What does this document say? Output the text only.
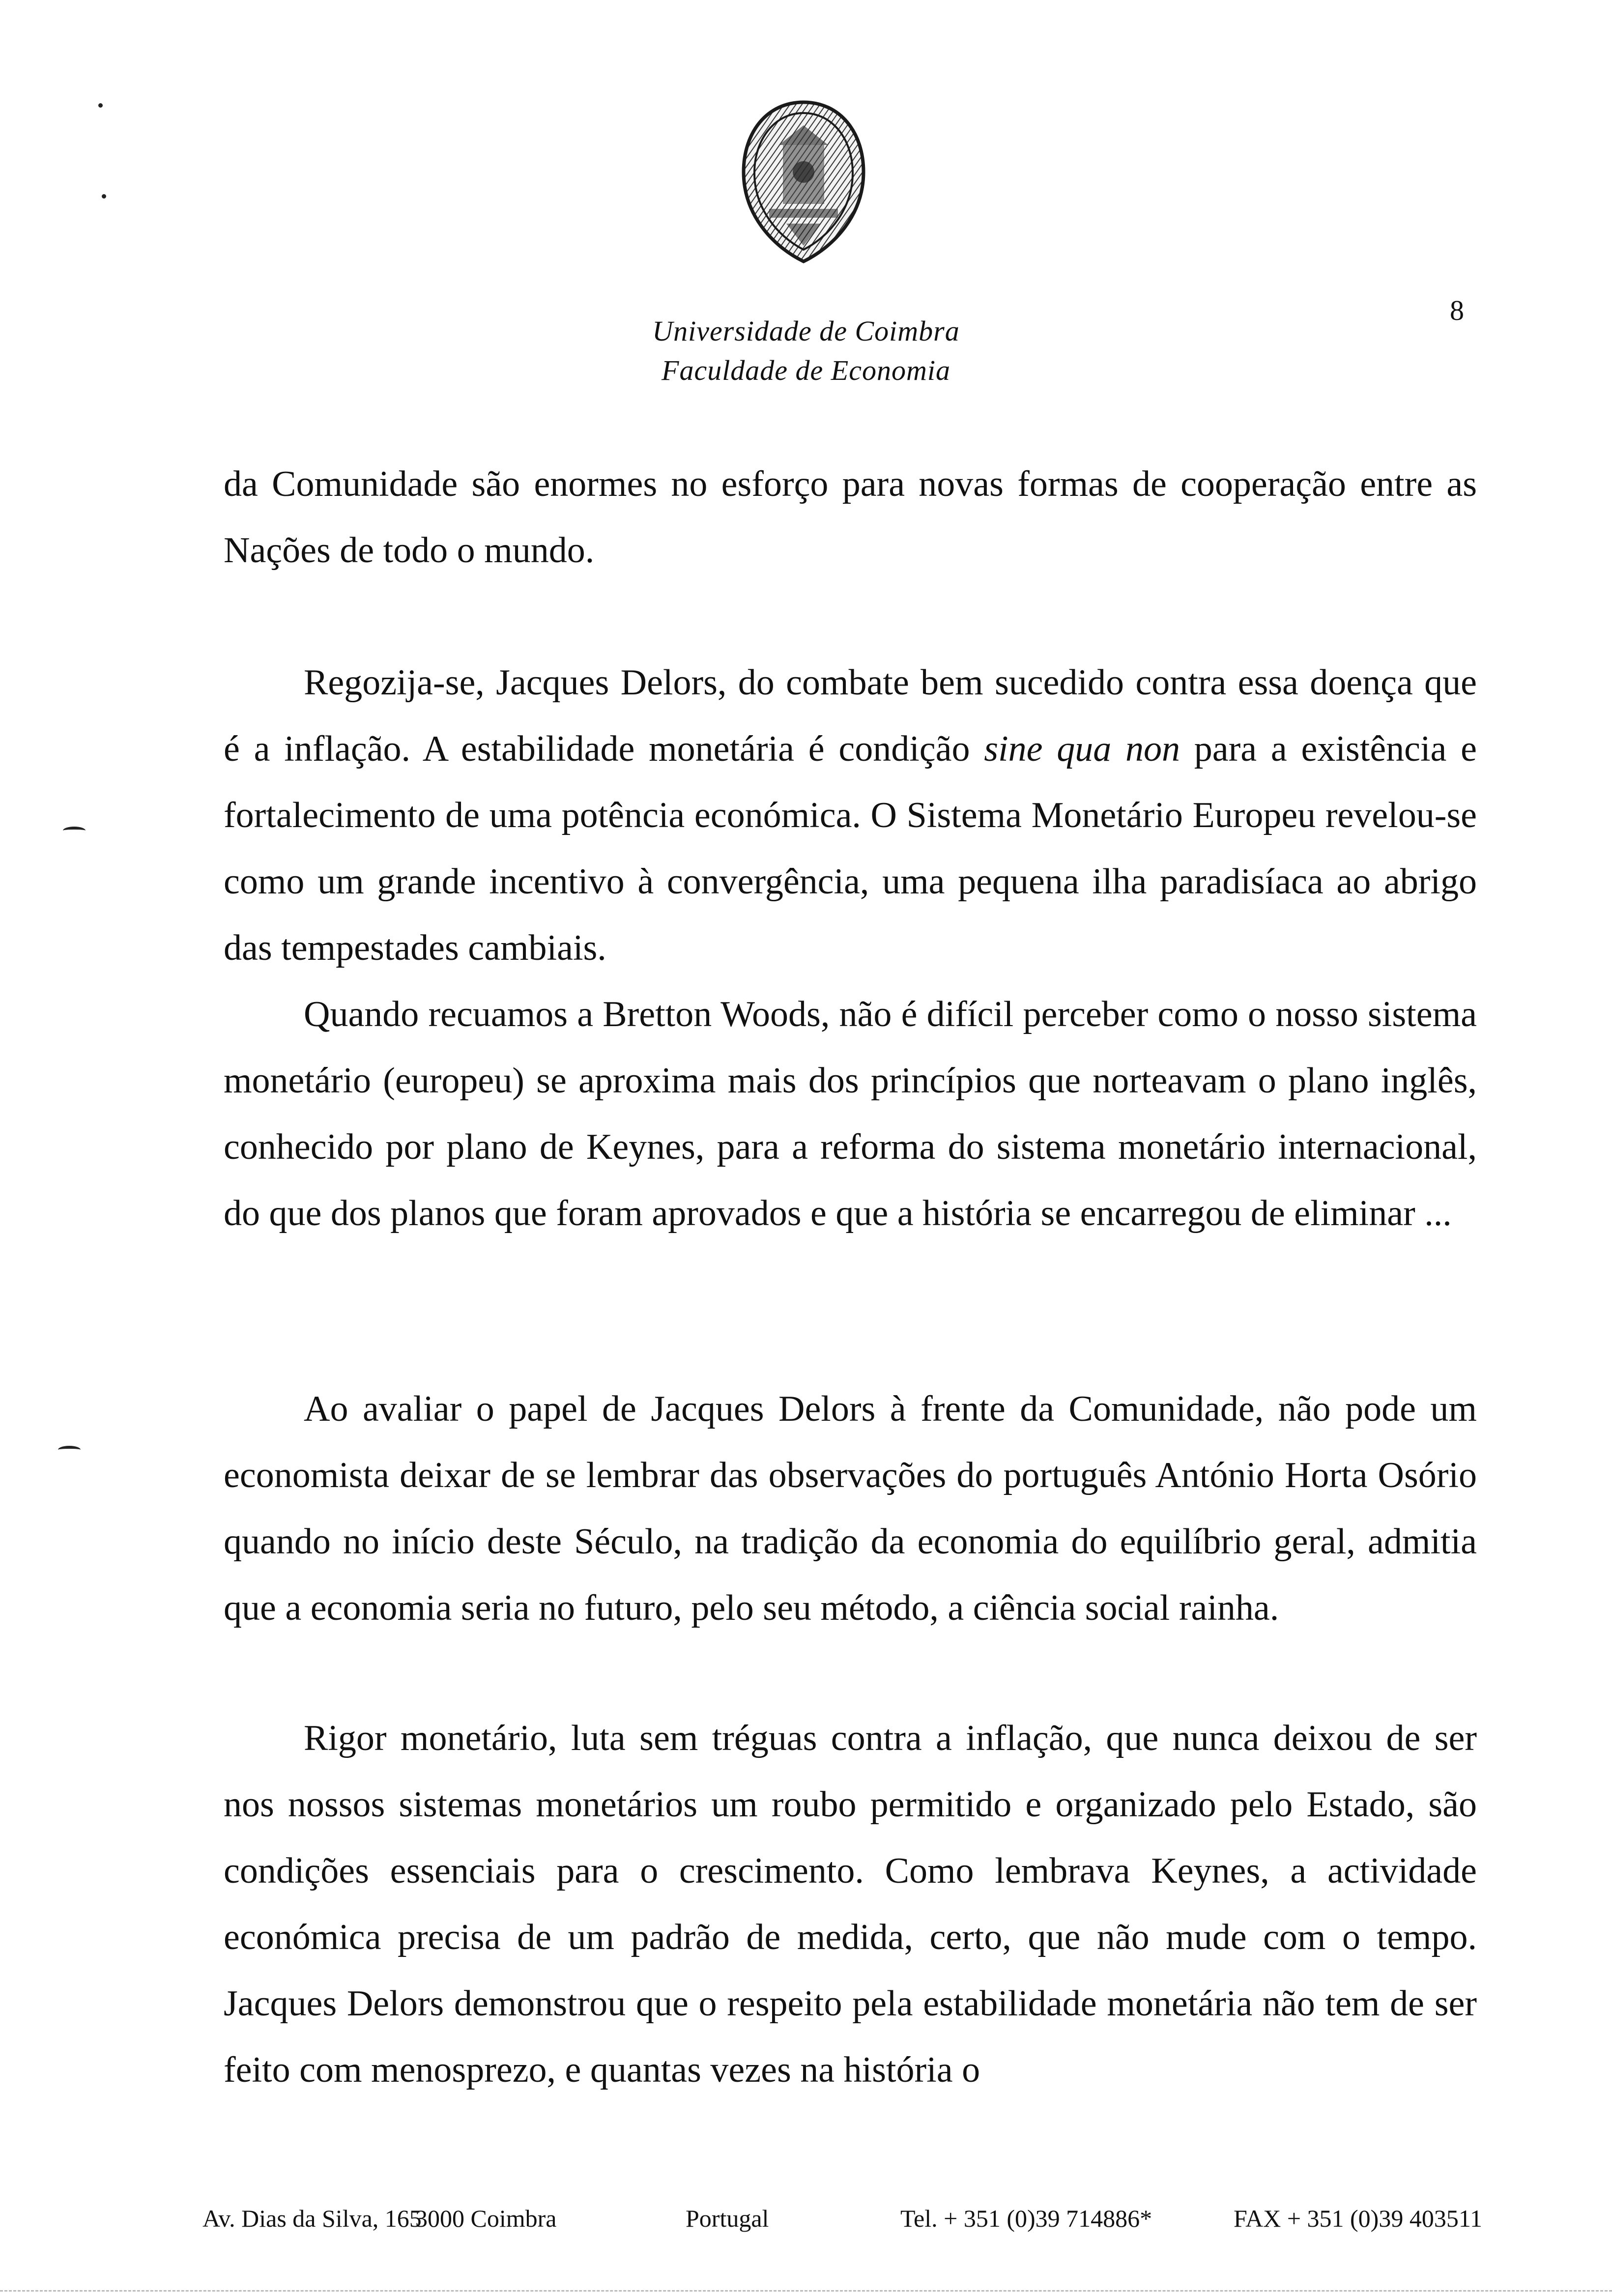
Universidade de Coimbra
Faculdade de Economia
8

da Comunidade são enormes no esforço para novas formas de cooperação entre as Nações de todo o mundo.

Regozija-se, Jacques Delors, do combate bem sucedido contra essa doença que é a inflação. A estabilidade monetária é condição sine qua non para a existência e fortalecimento de uma potência económica. O Sistema Monetário Europeu revelou-se como um grande incentivo à convergência, uma pequena ilha paradisíaca ao abrigo das tempestades cambiais.

Quando recuamos a Bretton Woods, não é difícil perceber como o nosso sistema monetário (europeu) se aproxima mais dos princípios que norteavam o plano inglês, conhecido por plano de Keynes, para a reforma do sistema monetário internacional, do que dos planos que foram aprovados e que a história se encarregou de eliminar ...

Ao avaliar o papel de Jacques Delors à frente da Comunidade, não pode um economista deixar de se lembrar das observações do português António Horta Osório quando no início deste Século, na tradição da economia do equilíbrio geral, admitia que a economia seria no futuro, pelo seu método, a ciência social rainha.

Rigor monetário, luta sem tréguas contra a inflação, que nunca deixou de ser nos nossos sistemas monetários um roubo permitido e organizado pelo Estado, são condições essenciais para o crescimento. Como lembrava Keynes, a actividade económica precisa de um padrão de medida, certo, que não mude com o tempo. Jacques Delors demonstrou que o respeito pela estabilidade monetária não tem de ser feito com menosprezo, e quantas vezes na história o

Av. Dias da Silva, 165
3000 Coimbra	Portugal	Tel. + 351 (0)39 714886*	FAX + 351 (0)39 403511
